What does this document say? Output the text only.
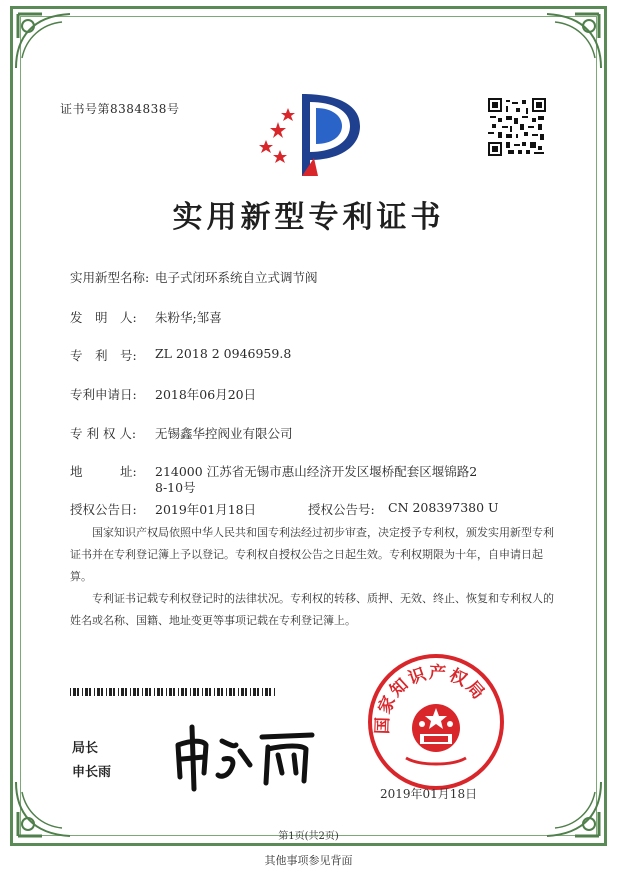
证书号第8384838号
实用新型专利证书
实用新型名称: 电子式闭环系统自立式调节阀
发　明　人: 朱粉华;邹喜
专　利　号: ZL 2018 2 0946959.8
专利申请日: 2018年06月20日
专 利 权 人: 无锡鑫华控阀业有限公司
地　　　址: 214000 江苏省无锡市惠山经济开发区堰桥配套区堰锦路2
8-10号
授权公告日: 2019年01月18日	授权公告号: CN 208397380 U
国家知识产权局依照中华人民共和国专利法经过初步审查，决定授予专利权，颁发实用新型专利证书并在专利登记簿上予以登记。专利权自授权公告之日起生效。专利权期限为十年，自申请日起算。
专利证书记载专利权登记时的法律状况。专利权的转移、质押、无效、终止、恢复和专利权人的姓名或名称、国籍、地址变更等事项记载在专利登记簿上。
局长
申长雨
国家知识产权局
2019年01月18日
第1页(共2页)
其他事项参见背面
